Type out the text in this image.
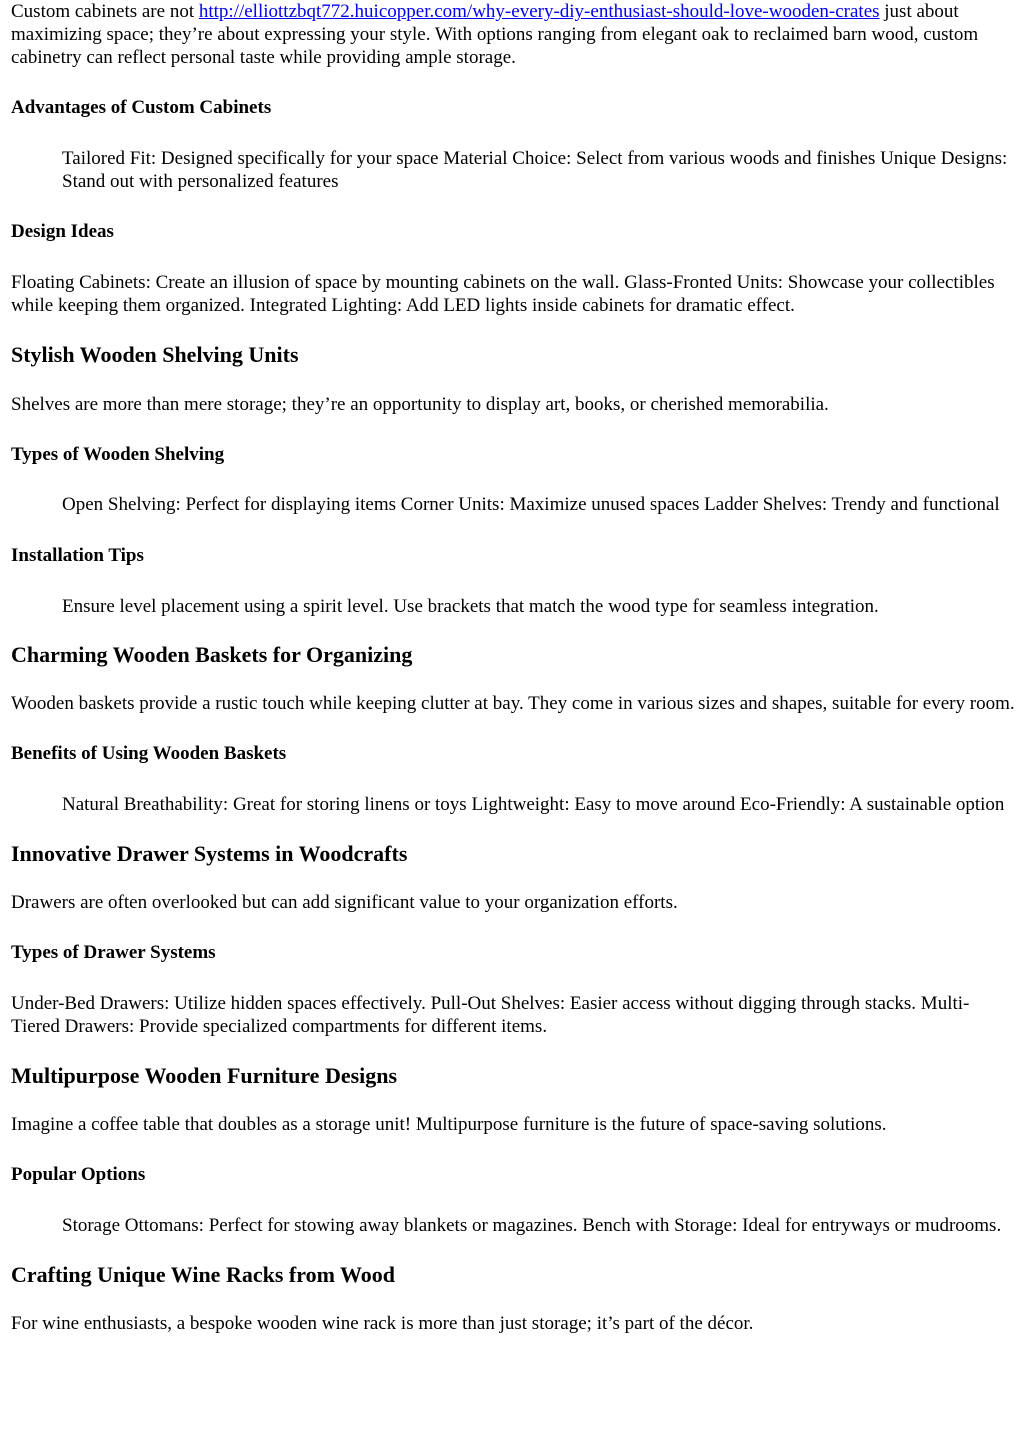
Custom cabinets are not http://elliottzbqt772.huicopper.com/why-every-diy-enthusiast-should-love-wooden-crates just about maximizing space; they’re about expressing your style. With options ranging from elegant oak to reclaimed barn wood, custom cabinetry can reflect personal taste while providing ample storage.

Advantages of Custom Cabinets

Tailored Fit: Designed specifically for your space Material Choice: Select from various woods and finishes Unique Designs: Stand out with personalized features

Design Ideas

Floating Cabinets: Create an illusion of space by mounting cabinets on the wall. Glass-Fronted Units: Showcase your collectibles while keeping them organized. Integrated Lighting: Add LED lights inside cabinets for dramatic effect.

Stylish Wooden Shelving Units

Shelves are more than mere storage; they’re an opportunity to display art, books, or cherished memorabilia.

Types of Wooden Shelving

Open Shelving: Perfect for displaying items Corner Units: Maximize unused spaces Ladder Shelves: Trendy and functional

Installation Tips

Ensure level placement using a spirit level. Use brackets that match the wood type for seamless integration.

Charming Wooden Baskets for Organizing

Wooden baskets provide a rustic touch while keeping clutter at bay. They come in various sizes and shapes, suitable for every room.

Benefits of Using Wooden Baskets

Natural Breathability: Great for storing linens or toys Lightweight: Easy to move around Eco-Friendly: A sustainable option

Innovative Drawer Systems in Woodcrafts

Drawers are often overlooked but can add significant value to your organization efforts.

Types of Drawer Systems

Under-Bed Drawers: Utilize hidden spaces effectively. Pull-Out Shelves: Easier access without digging through stacks. Multi-Tiered Drawers: Provide specialized compartments for different items.

Multipurpose Wooden Furniture Designs

Imagine a coffee table that doubles as a storage unit! Multipurpose furniture is the future of space-saving solutions.

Popular Options

Storage Ottomans: Perfect for stowing away blankets or magazines. Bench with Storage: Ideal for entryways or mudrooms.

Crafting Unique Wine Racks from Wood

For wine enthusiasts, a bespoke wooden wine rack is more than just storage; it’s part of the décor.
